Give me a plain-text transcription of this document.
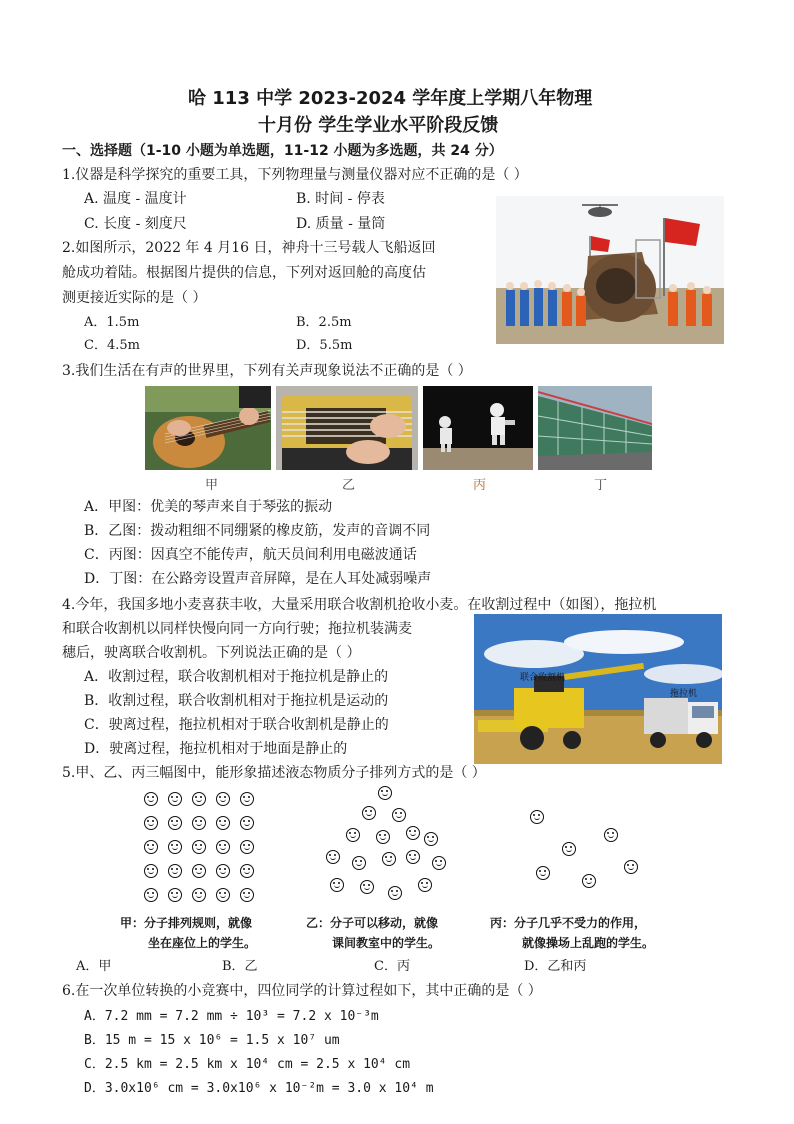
哈 113 中学 2023-2024 学年度上学期八年物理
十月份 学生学业水平阶段反馈
一、选择题（1-10 小题为单选题，11-12 小题为多选题，共 24 分）
1.仪器是科学探究的重要工具，下列物理量与测量仪器对应不正确的是（ ）
A. 温度 - 温度计	B. 时间 - 停表
C. 长度 - 刻度尺	D. 质量 - 量筒
2.如图所示，2022 年 4 月16 日，神舟十三号载人飞船返回
舱成功着陆。根据图片提供的信息，下列对返回舱的高度估
测更接近实际的是（ ）
A．1.5m	B．2.5m
C．4.5m	D．5.5m
3.我们生活在有声的世界里，下列有关声现象说法不正确的是（ ）
甲	乙	丙	丁
A．甲图：优美的琴声来自于琴弦的振动
B．乙图：拨动粗细不同绷紧的橡皮筋，发声的音调不同
C．丙图：因真空不能传声，航天员间利用电磁波通话
D．丁图：在公路旁设置声音屏障，是在人耳处减弱噪声
4.今年，我国多地小麦喜获丰收，大量采用联合收割机抢收小麦。在收割过程中（如图），拖拉机
和联合收割机以同样快慢向同一方向行驶；拖拉机装满麦
穗后，驶离联合收割机。下列说法正确的是（ ）
A．收割过程，联合收割机相对于拖拉机是静止的
B．收割过程，联合收割机相对于拖拉机是运动的
C．驶离过程，拖拉机相对于联合收割机是静止的
D．驶离过程，拖拉机相对于地面是静止的
联合收割机
拖拉机
5.甲、乙、丙三幅图中，能形象描述液态物质分子排列方式的是（ ）
甲：分子排列规则，就像
坐在座位上的学生。
乙：分子可以移动，就像
课间教室中的学生。
丙：分子几乎不受力的作用，
就像操场上乱跑的学生。
A．甲	B．乙	C．丙	D．乙和丙
6.在一次单位转换的小竞赛中，四位同学的计算过程如下，其中正确的是（ ）
A．7.2 mm = 7.2 mm ÷ 10³ = 7.2 x 10⁻³m
B．15 m = 15 x 10⁶ = 1.5 x 10⁷ um
C．2.5 km = 2.5 km x 10⁴ cm = 2.5 x 10⁴ cm
D．3.0x10⁶ cm = 3.0x10⁶ x 10⁻²m = 3.0 x 10⁴ m
